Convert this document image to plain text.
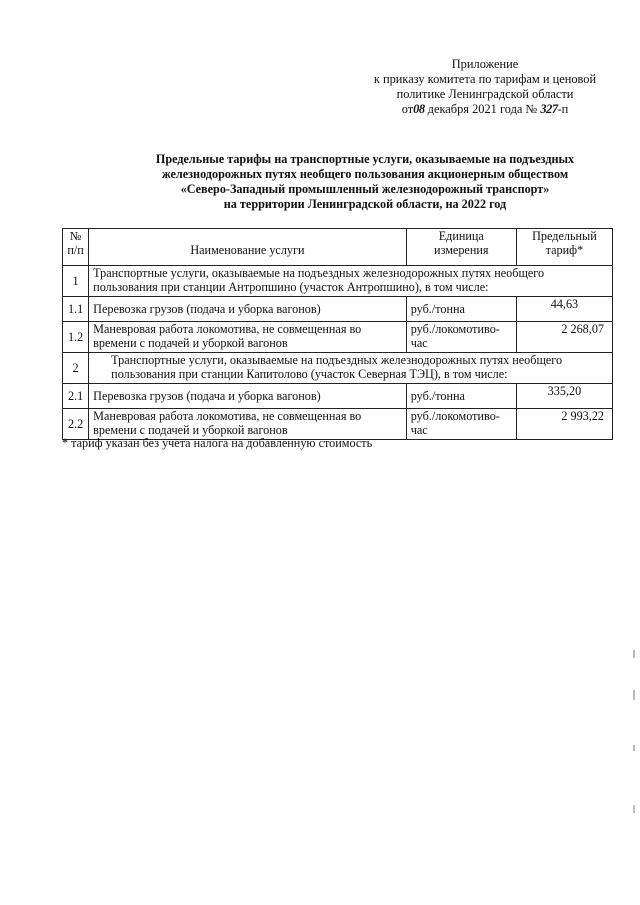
Приложение
к приказу комитета по тарифам и ценовой
политике Ленинградской области
от08 декабря 2021 года № 327-п
Предельные тарифы на транспортные услуги, оказываемые на подъездных
железнодорожных путях необщего пользования акционерным обществом
«Северо-Западный промышленный железнодорожный транспорт»
на территории Ленинградской области, на 2022 год
№ п/п	Наименование услуги	Единица измерения	Предельный тариф*
1	Транспортные услуги, оказываемые на подъездных железнодорожных путях необщего пользования при станции Антропшино (участок Антропшино), в том числе:		
1.1	Перевозка грузов (подача и уборка вагонов)	руб./тонна	44,63
1.2	Маневровая работа локомотива, не совмещенная во времени с подачей и уборкой вагонов	руб./локомотиво-час	2 268,07
2	Транспортные услуги, оказываемые на подъездных железнодорожных путях необщего пользования при станции Капитолово (участок Северная ТЭЦ), в том числе:		
2.1	Перевозка грузов (подача и уборка вагонов)	руб./тонна	335,20
2.2	Маневровая работа локомотива, не совмещенная во времени с подачей и уборкой вагонов	руб./локомотиво-час	2 993,22
* тариф указан без учета налога на добавленную стоимость
